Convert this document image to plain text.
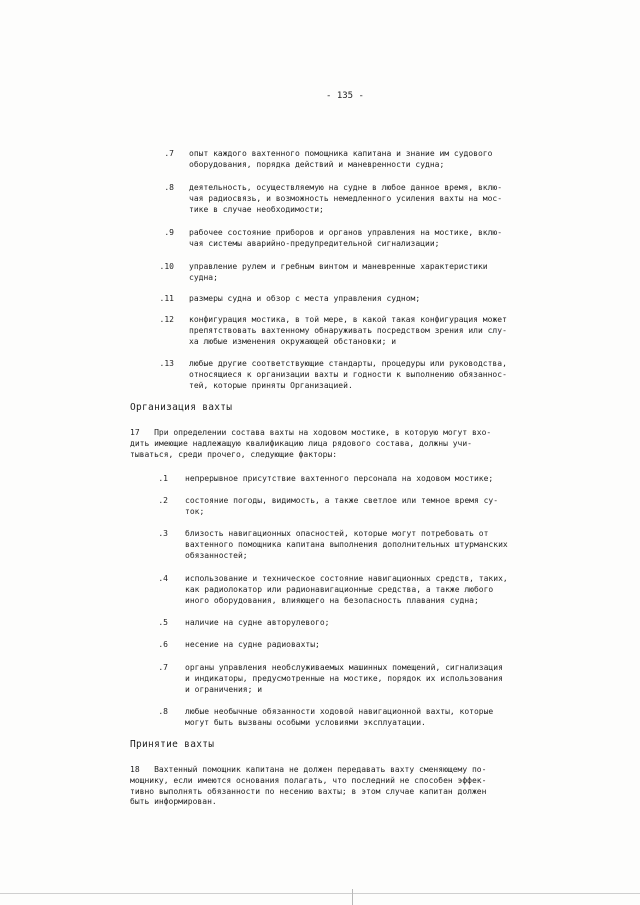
- 135 -
.7 опыт каждого вахтенного помощника капитана и знание им судового
оборудования, порядка действий и маневренности судна;
.8 деятельность, осуществляемую на судне в любое данное время, вклю-
чая радиосвязь, и возможность немедленного усиления вахты на мос-
тике в случае необходимости;
.9 рабочее состояние приборов и органов управления на мостике, вклю-
чая системы аварийно-предупредительной сигнализации;
.10 управление рулем и гребным винтом и маневренные характеристики
судна;
.11 размеры судна и обзор с места управления судном;
.12 конфигурация мостика, в той мере, в какой такая конфигурация может
препятствовать вахтенному обнаруживать посредством зрения или слу-
ха любые изменения окружающей обстановки; и
.13 любые другие соответствующие стандарты, процедуры или руководства,
относящиеся к организации вахты и годности к выполнению обязаннос-
тей, которые приняты Организацией.
Организация вахты
17   При определении состава вахты на ходовом мостике, в которую могут вхо-
дить имеющие надлежащую квалификацию лица рядового состава, должны учи-
тываться, среди прочего, следующие факторы:
.1 непрерывное присутствие вахтенного персонала на ходовом мостике;
.2 состояние погоды, видимость, а также светлое или темное время су-
ток;
.3 близость навигационных опасностей, которые могут потребовать от
вахтенного помощника капитана выполнения дополнительных штурманских
обязанностей;
.4 использование и техническое состояние навигационных средств, таких,
как радиолокатор или радионавигационные средства, а также любого
иного оборудования, влияющего на безопасность плавания судна;
.5 наличие на судне авторулевого;
.6 несение на судне радиовахты;
.7 органы управления необслуживаемых машинных помещений, сигнализация
и индикаторы, предусмотренные на мостике, порядок их использования
и ограничения; и
.8 любые необычные обязанности ходовой навигационной вахты, которые
могут быть вызваны особыми условиями эксплуатации.
Принятие вахты
18   Вахтенный помощник капитана не должен передавать вахту сменяющему по-
мощнику, если имеются основания полагать, что последний не способен эффек-
тивно выполнять обязанности по несению вахты; в этом случае капитан должен
быть информирован.
